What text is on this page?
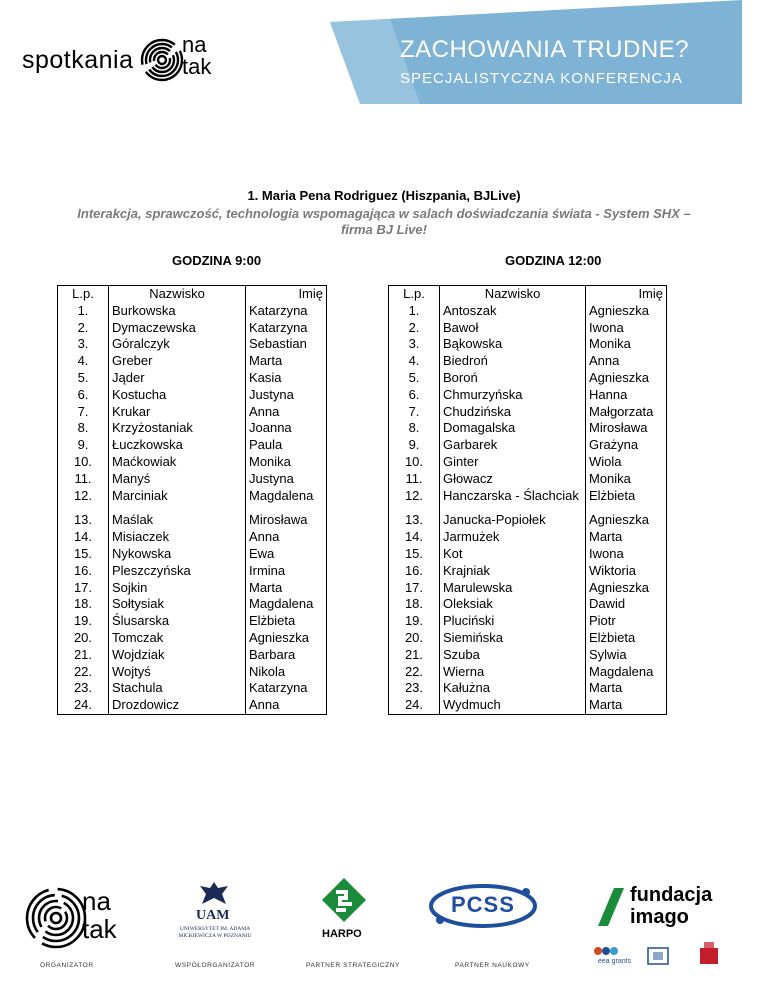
spotkania
na
tak
ZACHOWANIA TRUDNE?
SPECJALISTYCZNA KONFERENCJA
1. Maria Pena Rodriguez (Hiszpania, BJLive)
Interakcja, sprawczość, technologia wspomagająca w salach doświadczania świata - System SHX – firma BJ Live!
GODZINA 9:00
L.p.	Nazwisko	Imię
1.	Burkowska	Katarzyna
2.	Dymaczewska	Katarzyna
3.	Góralczyk	Sebastian
4.	Greber	Marta
5.	Jąder	Kasia
6.	Kostucha	Justyna
7.	Krukar	Anna
8.	Krzyżostaniak	Joanna
9.	Łuczkowska	Paula
10.	Maćkowiak	Monika
11.	Manyś	Justyna
12.	Marciniak	Magdalena

13.	Maślak	Mirosława
14.	Misiaczek	Anna
15.	Nykowska	Ewa
16.	Pleszczyńska	Irmina
17.	Sojkin	Marta
18.	Sołtysiak	Magdalena
19.	Ślusarska	Elżbieta
20.	Tomczak	Agnieszka
21.	Wojdziak	Barbara
22.	Wojtyś	Nikola
23.	Stachula	Katarzyna
24.	Drozdowicz	Anna
GODZINA 12:00
L.p.	Nazwisko	Imię
1.	Antoszak	Agnieszka
2.	Bawoł	Iwona
3.	Bąkowska	Monika
4.	Biedroń	Anna
5.	Boroń	Agnieszka
6.	Chmurzyńska	Hanna
7.	Chudzińska	Małgorzata
8.	Domagalska	Mirosława
9.	Garbarek	Grażyna
10.	Ginter	Wiola
11.	Głowacz	Monika
12.	Hanczarska - Ślachciak	Elżbieta

13.	Janucka-Popiołek	Agnieszka
14.	Jarmużek	Marta
15.	Kot	Iwona
16.	Krajniak	Wiktoria
17.	Marulewska	Agnieszka
18.	Oleksiak	Dawid
19.	Pluciński	Piotr
20.	Siemińska	Elżbieta
21.	Szuba	Sylwia
22.	Wierna	Magdalena
23.	Kałużna	Marta
24.	Wydmuch	Marta
na
tak	UAM
UNIWERSYTET IM. ADAMA MICKIEWICZA W POZNANIU	HARPO
PCSS	fundacja
imago
eea grants
ORGANIZATOR	WSPÓŁORGANIZATOR	PARTNER STRATEGICZNY	PARTNER NAUKOWY
